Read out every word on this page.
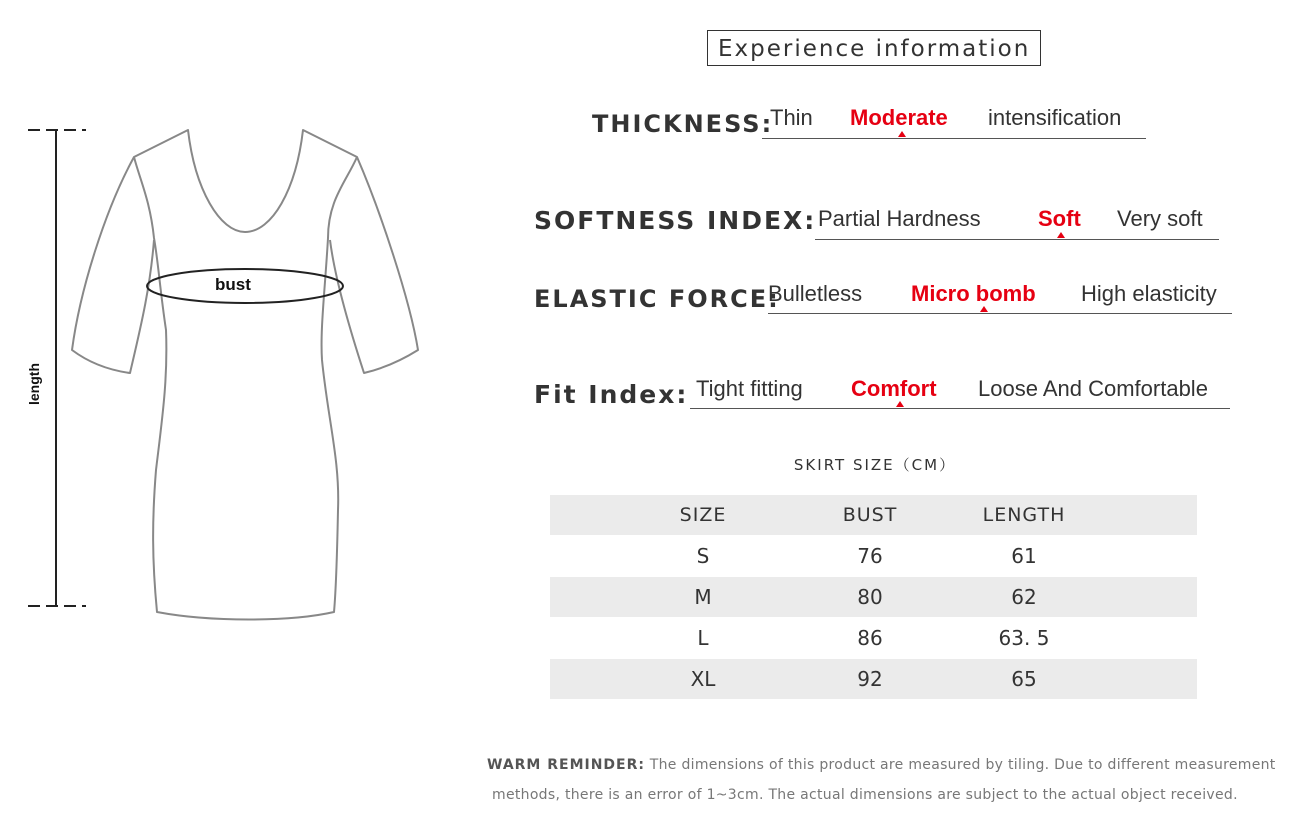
bust
length
Experience information
THICKNESS:
Thin Moderate intensification
SOFTNESS INDEX: Partial Hardness	Soft Very soft
ELASTIC FORCE:
Bulletless Micro bomb High elasticity
Fit Index: Tight fitting Comfort Loose And Comfortable
SKIRT SIZE（CM）
SIZE	BUST	LENGTH
S	76	61
M	80	62
L	86	63. 5
XL	92	65
WARM REMINDER: The dimensions of this product are measured by tiling. Due to different measurement
methods, there is an error of 1~3cm. The actual dimensions are subject to the actual object received.
